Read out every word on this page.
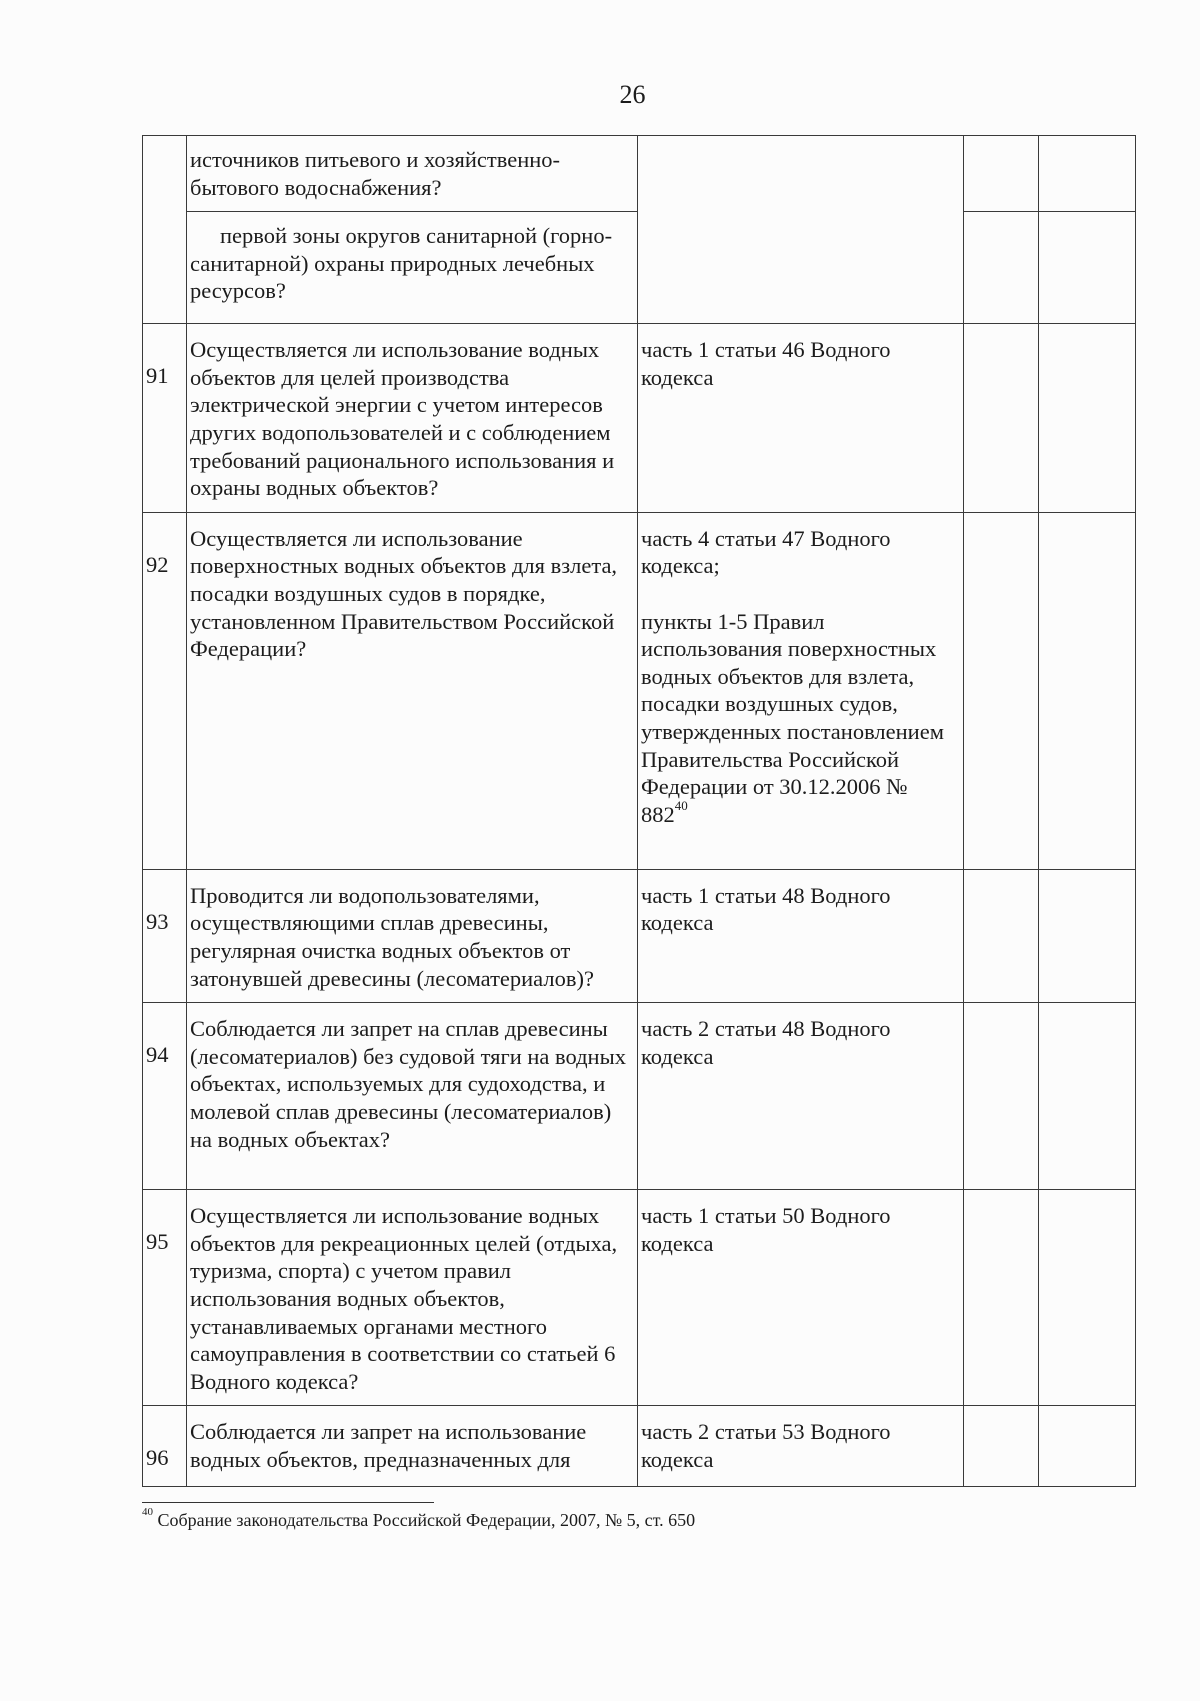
26
	источников питьевого и хозяйственно-бытового водоснабжения?			
	первой зоны округов санитарной (горно-санитарной) охраны природных лечебных ресурсов?			
91	Осуществляется ли использование водных объектов для целей производства электрической энергии с учетом интересов других водопользователей и с соблюдением требований рационального использования и охраны водных объектов?	часть 1 статьи 46 Водного кодекса		

92	Осуществляется ли использование поверхностных водных объектов для взлета, посадки воздушных судов в порядке, установленном Правительством Российской Федерации?	часть 4 статьи 47 Водного кодекса;

пункты 1-5 Правил использования поверхностных водных объектов для взлета, посадки воздушных судов, утвержденных постановлением Правительства Российской Федерации от 30.12.2006 № $882^{40}$

93	Проводится ли водопользователями, осуществляющими сплав древесины, регулярная очистка водных объектов от затонувшей древесины (лесоматериалов)?	часть 1 статьи 48 Водного кодекса		

94	Соблюдается ли запрет на сплав древесины (лесоматериалов) без судовой тяги на водных объектах, используемых для судоходства, и молевой сплав древесины (лесоматериалов) на водных объектах?	часть 2 статьи 48 Водного кодекса		

95	Осуществляется ли использование водных объектов для рекреационных целей (отдыха, туризма, спорта) с учетом правил использования водных объектов, устанавливаемых органами местного самоуправления в соответствии со статьей 6 Водного кодекса?	часть 1 статьи 50 Водного кодекса		

96	Соблюдается ли запрет на использование водных объектов, предназначенных для	часть 2 статьи 53 Водного кодекса		

$^{40}$ Собрание законодательства Российской Федерации, 2007, № 5, ст. 650
